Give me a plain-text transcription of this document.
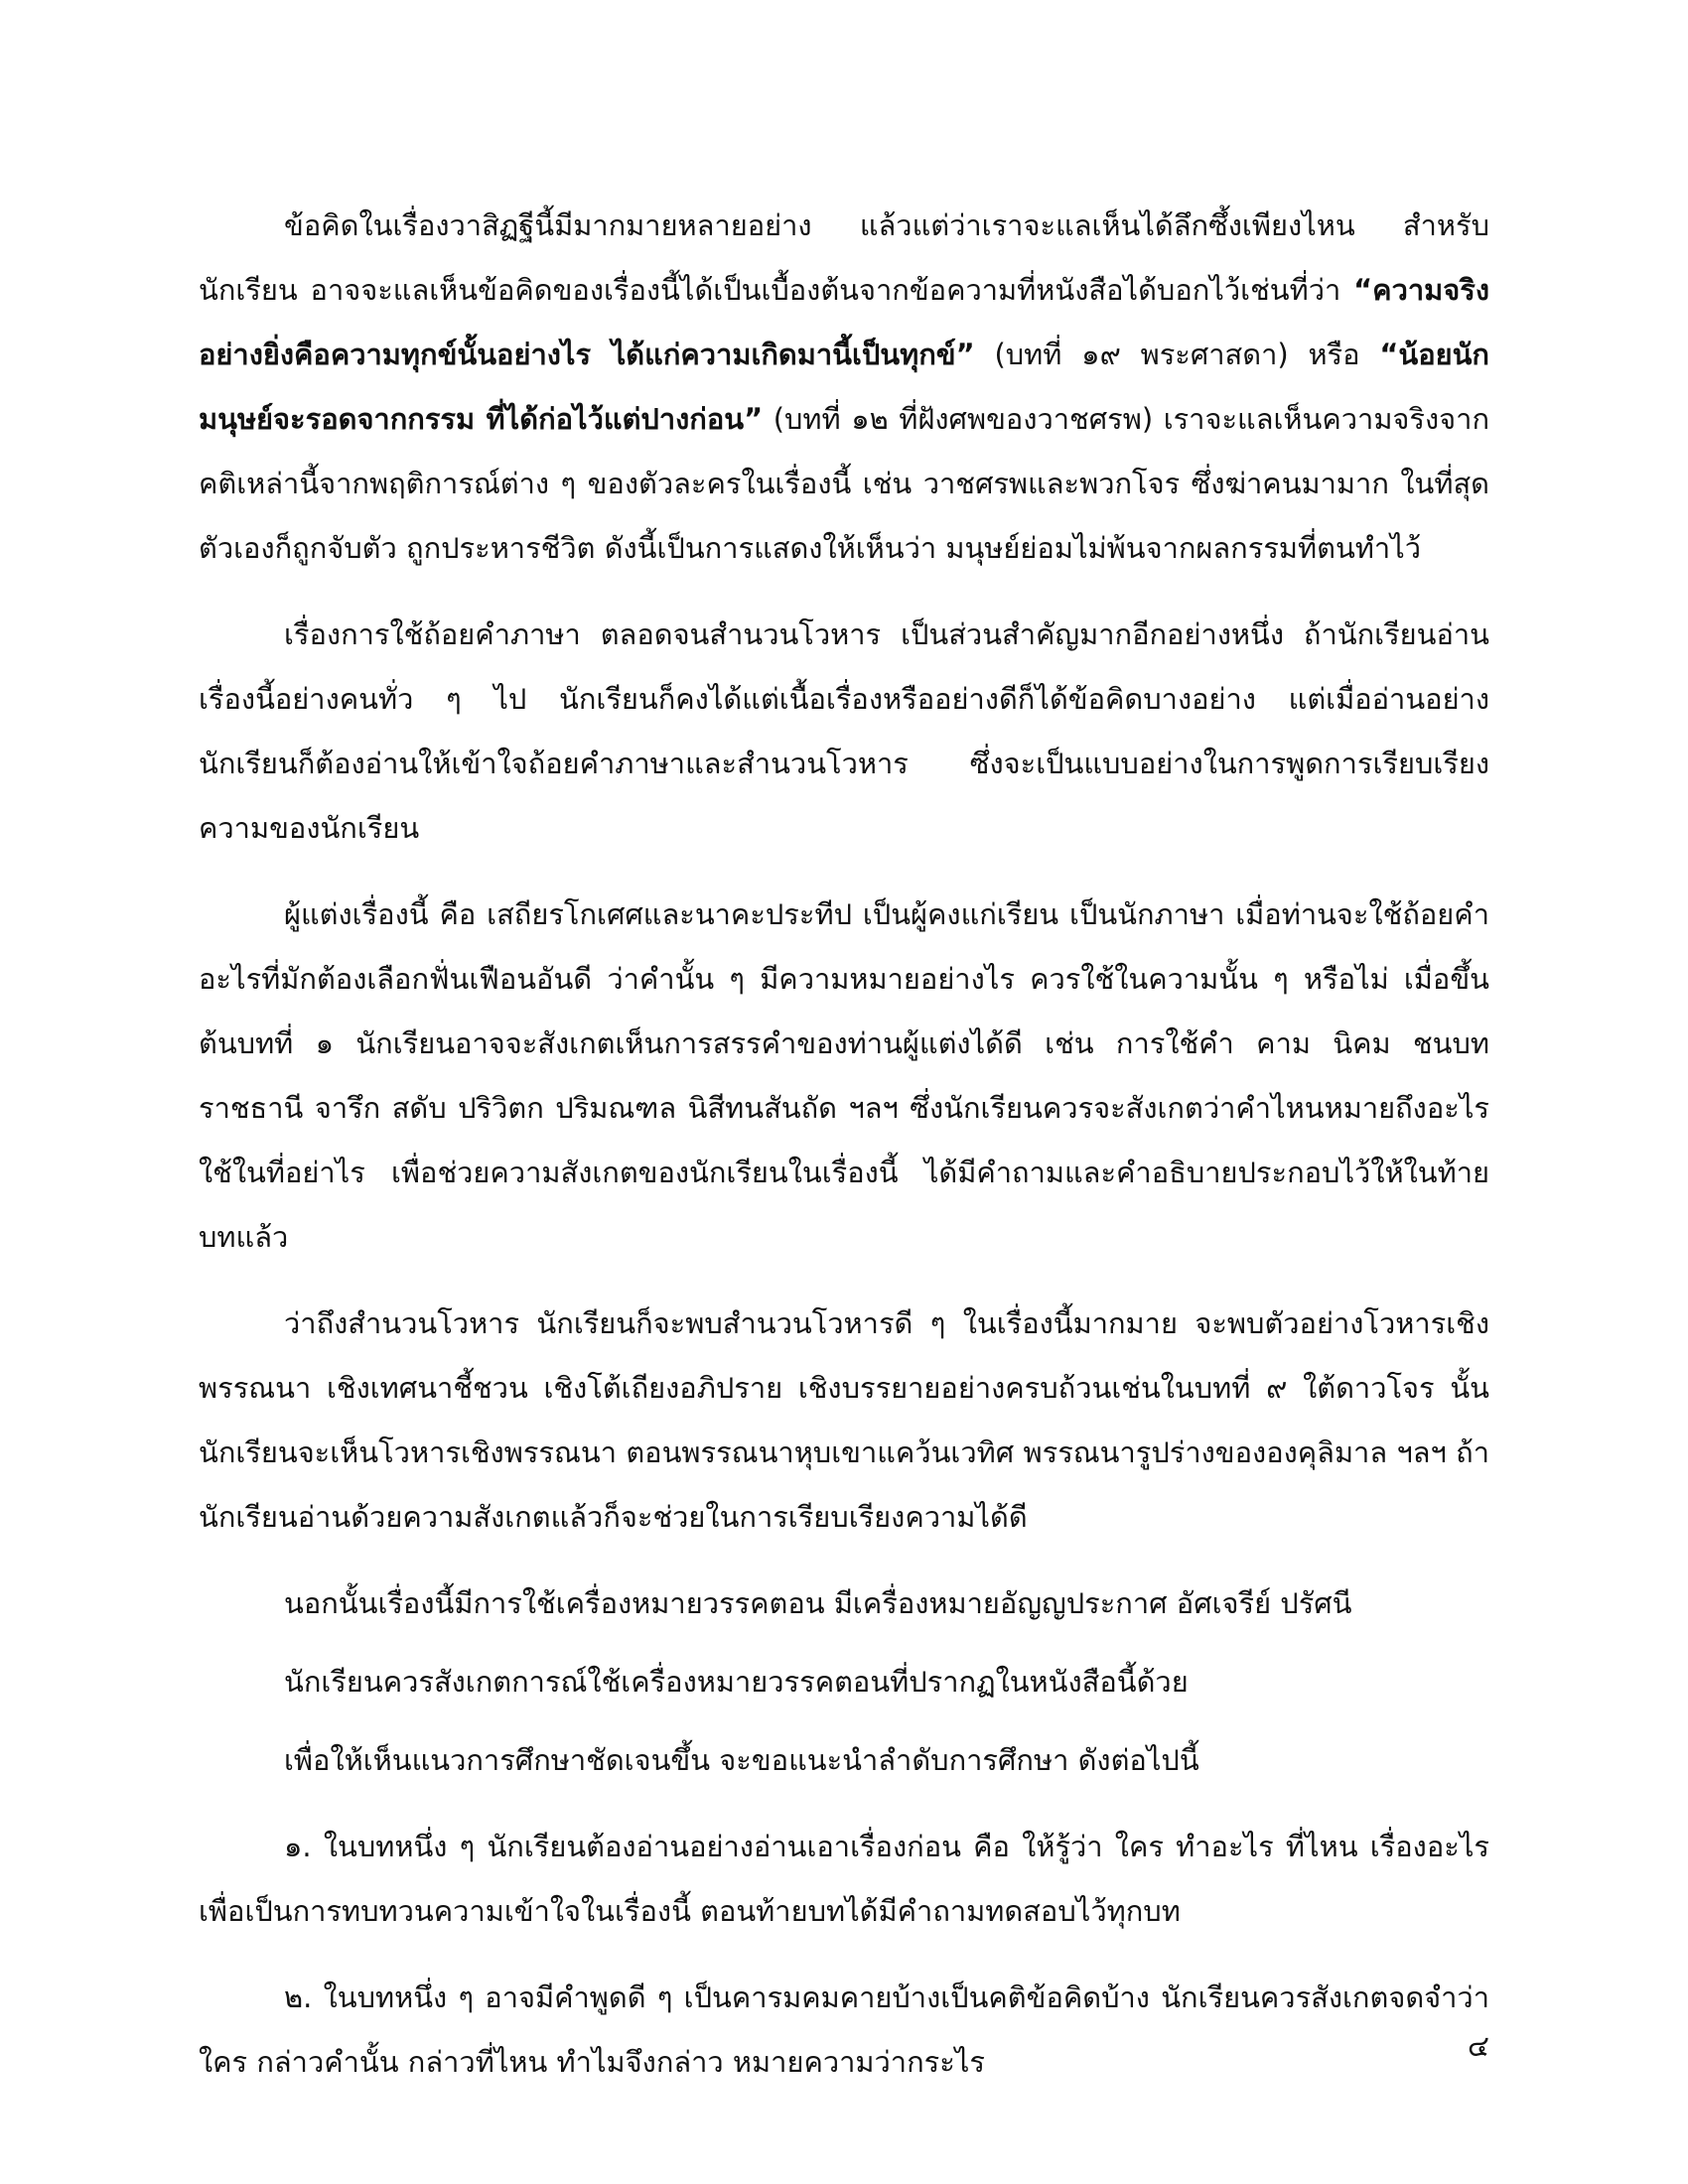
ข้อคิดในเรื่องวาสิฏฐีนี้มีมากมายหลายอย่าง แล้วแต่ว่าเราจะแลเห็นได้ลึกซึ้งเพียงไหน สำหรับนักเรียน อาจจะแลเห็นข้อคิดของเรื่องนี้ได้เป็นเบื้องต้นจากข้อความที่หนังสือได้บอกไว้เช่นที่ว่า “ความจริงอย่างยิ่งคือความทุกข์นั้นอย่างไร ได้แก่ความเกิดมานี้เป็นทุกข์” (บทที่ ๑๙ พระศาสดา) หรือ “น้อยนัก มนุษย์จะรอดจากกรรม ที่ได้ก่อไว้แต่ปางก่อน” (บทที่ ๑๒ ที่ฝังศพของวาชศรพ) เราจะแลเห็นความจริงจากคติเหล่านี้จากพฤติการณ์ต่าง ๆ ของตัวละครในเรื่องนี้ เช่น วาชศรพและพวกโจร ซึ่งฆ่าคนมามาก ในที่สุดตัวเองก็ถูกจับตัว ถูกประหารชีวิต ดังนี้เป็นการแสดงให้เห็นว่า มนุษย์ย่อมไม่พ้นจากผลกรรมที่ตนทำไว้

เรื่องการใช้ถ้อยคำภาษา ตลอดจนสำนวนโวหาร เป็นส่วนสำคัญมากอีกอย่างหนึ่ง ถ้านักเรียนอ่านเรื่องนี้อย่างคนทั่ว ๆ ไป นักเรียนก็คงได้แต่เนื้อเรื่องหรืออย่างดีก็ได้ข้อคิดบางอย่าง แต่เมื่ออ่านอย่างนักเรียนก็ต้องอ่านให้เข้าใจถ้อยคำภาษาและสำนวนโวหาร ซึ่งจะเป็นแบบอย่างในการพูดการเรียบเรียงความของนักเรียน

ผู้แต่งเรื่องนี้ คือ เสถียรโกเศศและนาคะประทีป เป็นผู้คงแก่เรียน เป็นนักภาษา เมื่อท่านจะใช้ถ้อยคำอะไรที่มักต้องเลือกฟั่นเฟือนอันดี ว่าคำนั้น ๆ มีความหมายอย่างไร ควรใช้ในความนั้น ๆ หรือไม่ เมื่อขึ้นต้นบทที่ ๑ นักเรียนอาจจะสังเกตเห็นการสรรคำของท่านผู้แต่งได้ดี เช่น การใช้คำ คาม นิคม ชนบท ราชธานี จารึก สดับ ปริวิตก ปริมณฑล นิสีทนสันถัด ฯลฯ ซึ่งนักเรียนควรจะสังเกตว่าคำไหนหมายถึงอะไร ใช้ในที่อย่าไร เพื่อช่วยความสังเกตของนักเรียนในเรื่องนี้ ได้มีคำถามและคำอธิบายประกอบไว้ให้ในท้ายบทแล้ว

ว่าถึงสำนวนโวหาร นักเรียนก็จะพบสำนวนโวหารดี ๆ ในเรื่องนี้มากมาย จะพบตัวอย่างโวหารเชิงพรรณนา เชิงเทศนาชี้ชวน เชิงโต้เถียงอภิปราย เชิงบรรยายอย่างครบถ้วนเช่นในบทที่ ๙ ใต้ดาวโจร นั้น นักเรียนจะเห็นโวหารเชิงพรรณนา ตอนพรรณนาหุบเขาแคว้นเวทิศ พรรณนารูปร่างขององคุลิมาล ฯลฯ ถ้านักเรียนอ่านด้วยความสังเกตแล้วก็จะช่วยในการเรียบเรียงความได้ดี

นอกนั้นเรื่องนี้มีการใช้เครื่องหมายวรรคตอน มีเครื่องหมายอัญญประกาศ อัศเจรีย์ ปรัศนี

นักเรียนควรสังเกตการณ์ใช้เครื่องหมายวรรคตอนที่ปรากฏในหนังสือนี้ด้วย

เพื่อให้เห็นแนวการศึกษาชัดเจนขึ้น จะขอแนะนำลำดับการศึกษา ดังต่อไปนี้

๑. ในบทหนึ่ง ๆ นักเรียนต้องอ่านอย่างอ่านเอาเรื่องก่อน คือ ให้รู้ว่า ใคร ทำอะไร ที่ไหน เรื่องอะไร เพื่อเป็นการทบทวนความเข้าใจในเรื่องนี้ ตอนท้ายบทได้มีคำถามทดสอบไว้ทุกบท

๒. ในบทหนึ่ง ๆ อาจมีคำพูดดี ๆ เป็นคารมคมคายบ้างเป็นคติข้อคิดบ้าง นักเรียนควรสังเกตจดจำว่า ใคร กล่าวคำนั้น กล่าวที่ไหน ทำไมจึงกล่าว หมายความว่ากระไร	๔
